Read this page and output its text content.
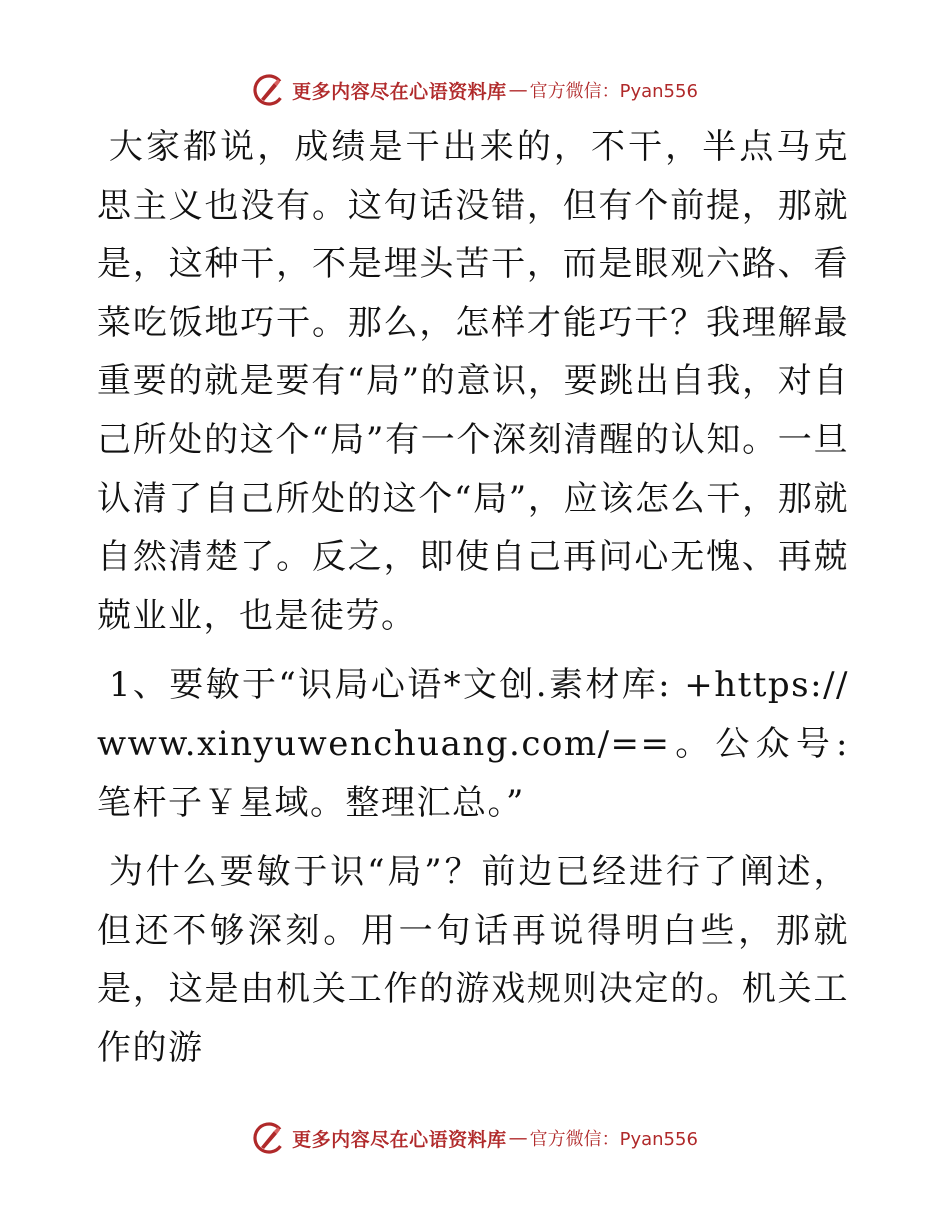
更多内容尽在心语资料库 — 官方微信：Pyan556

大家都说，成绩是干出来的，不干，半点马克思主义也没有。这句话没错，但有个前提，那就是，这种干，不是埋头苦干，而是眼观六路、看菜吃饭地巧干。那么，怎样才能巧干？我理解最重要的就是要有“局”的意识，要跳出自我，对自己所处的这个“局”有一个深刻清醒的认知。一旦认清了自己所处的这个“局”，应该怎么干，那就自然清楚了。反之，即使自己再问心无愧、再兢兢业业，也是徒劳。

1、要敏于“识局心语*文创.素材库: +https://www.xinyuwenchuang.com/==。公众号: 笔杆子￥星域。整理汇总。”

为什么要敏于识“局”？前边已经进行了阐述，但还不够深刻。用一句话再说得明白些，那就是，这是由机关工作的游戏规则决定的。机关工作的游

更多内容尽在心语资料库 — 官方微信：Pyan556
